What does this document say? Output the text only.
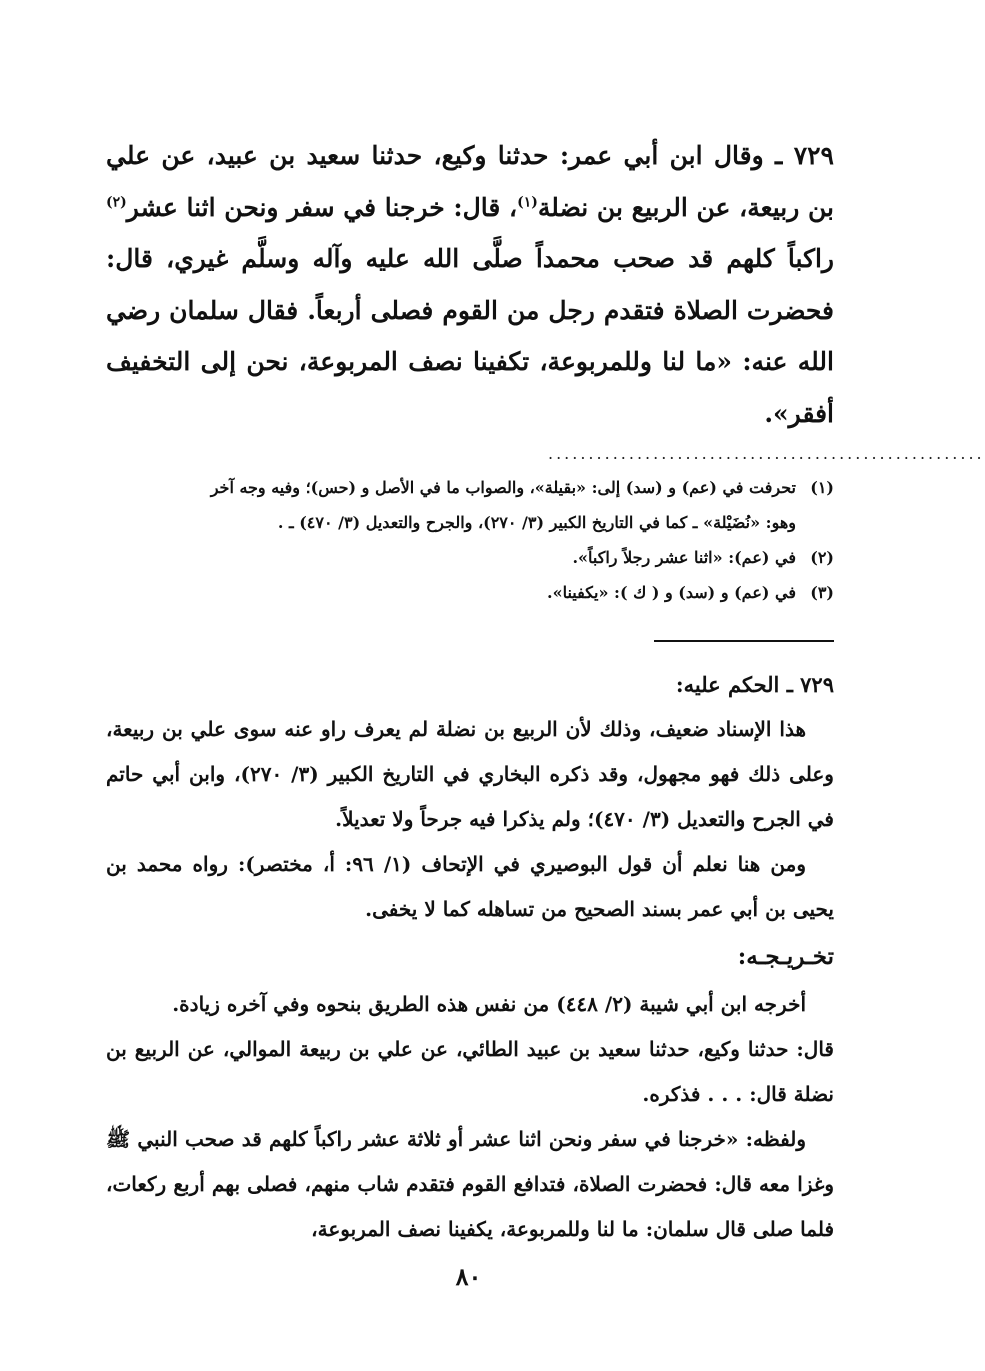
٧٢٩ ـ وقال ابن أبي عمر: حدثنا وكيع، حدثنا سعيد بن عبيد، عن علي بن ربيعة، عن الربيع بن نضلة$^{(١)}$، قال: خرجنا في سفر ونحن اثنا عشر$^{(٢)}$ راكباً كلهم قد صحب محمداً صلَّى الله عليه وآله وسلَّم غيري، قال: فحضرت الصلاة فتقدم رجل من القوم فصلى أربعاً. فقال سلمان رضي الله عنه: «ما لنا وللمربوعة، تكفينا نصف المربوعة، نحن إلى التخفيف أفقر».

......................................................

(١)تحرفت في (عم) و (سد) إلى: «بقيلة»، والصواب ما في الأصل و (حس)؛ وفيه وجه آخر

وهو: «نُضَيْلة» ـ كما في التاريخ الكبير (٣/ ٢٧٠)، والجرح والتعديل (٣/ ٤٧٠) ـ .

(٢)في (عم): «اثنا عشر رجلاً راكباً».

(٣)في (عم) و (سد) و ( ك ): «يكفينا».

٧٢٩ ـ الحكم عليه:

هذا الإسناد ضعيف، وذلك لأن الربيع بن نضلة لم يعرف راو عنه سوى علي بن ربيعة، وعلى ذلك فهو مجهول، وقد ذكره البخاري في التاريخ الكبير (٣/ ٢٧٠)، وابن أبي حاتم في الجرح والتعديل (٣/ ٤٧٠)؛ ولم يذكرا فيه جرحاً ولا تعديلاً.

ومن هنا نعلم أن قول البوصيري في الإتحاف (١/ ٩٦: أ، مختصر): رواه محمد بن يحيى بن أبي عمر بسند الصحيح من تساهله كما لا يخفى.

تخـريـجـه:

أخرجه ابن أبي شيبة (٢/ ٤٤٨) من نفس هذه الطريق بنحوه وفي آخره زيادة.

قال: حدثنا وكيع، حدثنا سعيد بن عبيد الطائي، عن علي بن ربيعة الموالي، عن الربيع بن نضلة قال: . . . فذكره.

ولفظه: «خرجنا في سفر ونحن اثنا عشر أو ثلاثة عشر راكباً كلهم قد صحب النبي ﷺ وغزا معه قال: فحضرت الصلاة، فتدافع القوم فتقدم شاب منهم، فصلى بهم أربع ركعات، فلما صلى قال سلمان: ما لنا وللمربوعة، يكفينا نصف المربوعة،

٨٠
